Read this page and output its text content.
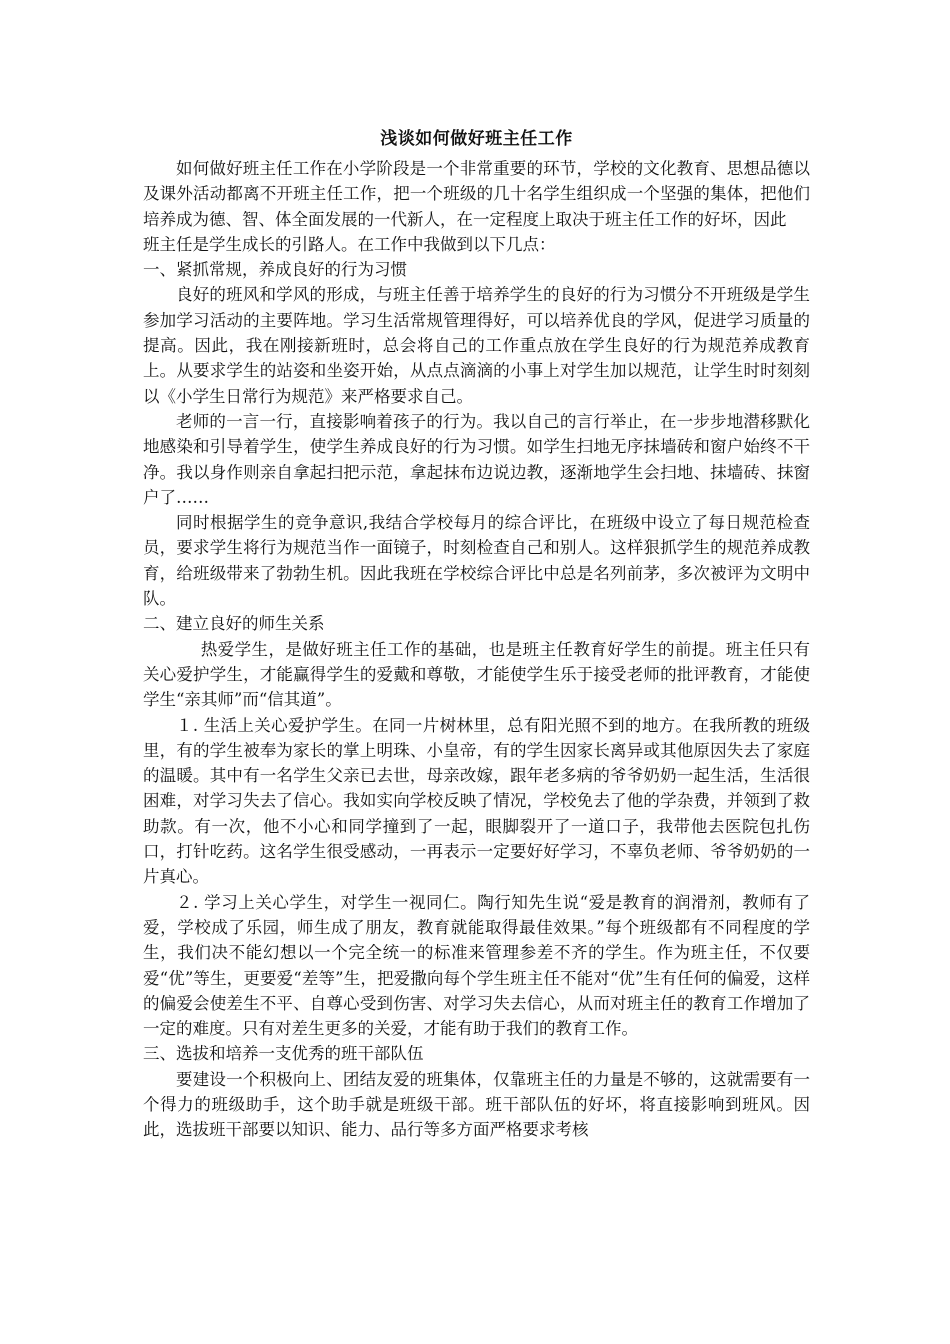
浅谈如何做好班主任工作

如何做好班主任工作在小学阶段是一个非常重要的环节，学校的文化教育、思想品德以及课外活动都离不开班主任工作，把一个班级的几十名学生组织成一个坚强的集体，把他们培养成为德、智、体全面发展的一代新人，在一定程度上取决于班主任工作的好坏，因此

班主任是学生成长的引路人。在工作中我做到以下几点：

一、紧抓常规，养成良好的行为习惯

良好的班风和学风的形成，与班主任善于培养学生的良好的行为习惯分不开班级是学生参加学习活动的主要阵地。学习生活常规管理得好，可以培养优良的学风，促进学习质量的提高。因此，我在刚接新班时，总会将自己的工作重点放在学生良好的行为规范养成教育上。从要求学生的站姿和坐姿开始，从点点滴滴的小事上对学生加以规范，让学生时时刻刻以《小学生日常行为规范》来严格要求自己。

老师的一言一行，直接影响着孩子的行为。我以自己的言行举止，在一步步地潜移默化地感染和引导着学生，使学生养成良好的行为习惯。如学生扫地无序抹墙砖和窗户始终不干净。我以身作则亲自拿起扫把示范，拿起抹布边说边教，逐渐地学生会扫地、抹墙砖、抹窗户了……

同时根据学生的竞争意识,我结合学校每月的综合评比，在班级中设立了每日规范检查员，要求学生将行为规范当作一面镜子，时刻检查自己和别人。这样狠抓学生的规范养成教育，给班级带来了勃勃生机。因此我班在学校综合评比中总是名列前茅，多次被评为文明中队。

二、建立良好的师生关系

热爱学生，是做好班主任工作的基础，也是班主任教育好学生的前提。班主任只有关心爱护学生，才能赢得学生的爱戴和尊敬，才能使学生乐于接受老师的批评教育，才能使学生“亲其师”而“信其道”。

１. 生活上关心爱护学生。在同一片树林里，总有阳光照不到的地方。在我所教的班级里，有的学生被奉为家长的掌上明珠、小皇帝，有的学生因家长离异或其他原因失去了家庭的温暖。其中有一名学生父亲已去世，母亲改嫁，跟年老多病的爷爷奶奶一起生活，生活很困难，对学习失去了信心。我如实向学校反映了情况，学校免去了他的学杂费，并领到了救助款。有一次，他不小心和同学撞到了一起，眼脚裂开了一道口子，我带他去医院包扎伤口，打针吃药。这名学生很受感动，一再表示一定要好好学习，不辜负老师、爷爷奶奶的一片真心。

２. 学习上关心学生，对学生一视同仁。陶行知先生说“爱是教育的润滑剂，教师有了爱，学校成了乐园，师生成了朋友，教育就能取得最佳效果。”每个班级都有不同程度的学生，我们决不能幻想以一个完全统一的标准来管理参差不齐的学生。作为班主任，不仅要爱“优”等生，更要爱“差等”生，把爱撒向每个学生班主任不能对“优”生有任何的偏爱，这样的偏爱会使差生不平、自尊心受到伤害、对学习失去信心，从而对班主任的教育工作增加了一定的难度。只有对差生更多的关爱，才能有助于我们的教育工作。

三、选拔和培养一支优秀的班干部队伍

要建设一个积极向上、团结友爱的班集体，仅靠班主任的力量是不够的，这就需要有一个得力的班级助手，这个助手就是班级干部。班干部队伍的好坏，将直接影响到班风。因此，选拔班干部要以知识、能力、品行等多方面严格要求考核
